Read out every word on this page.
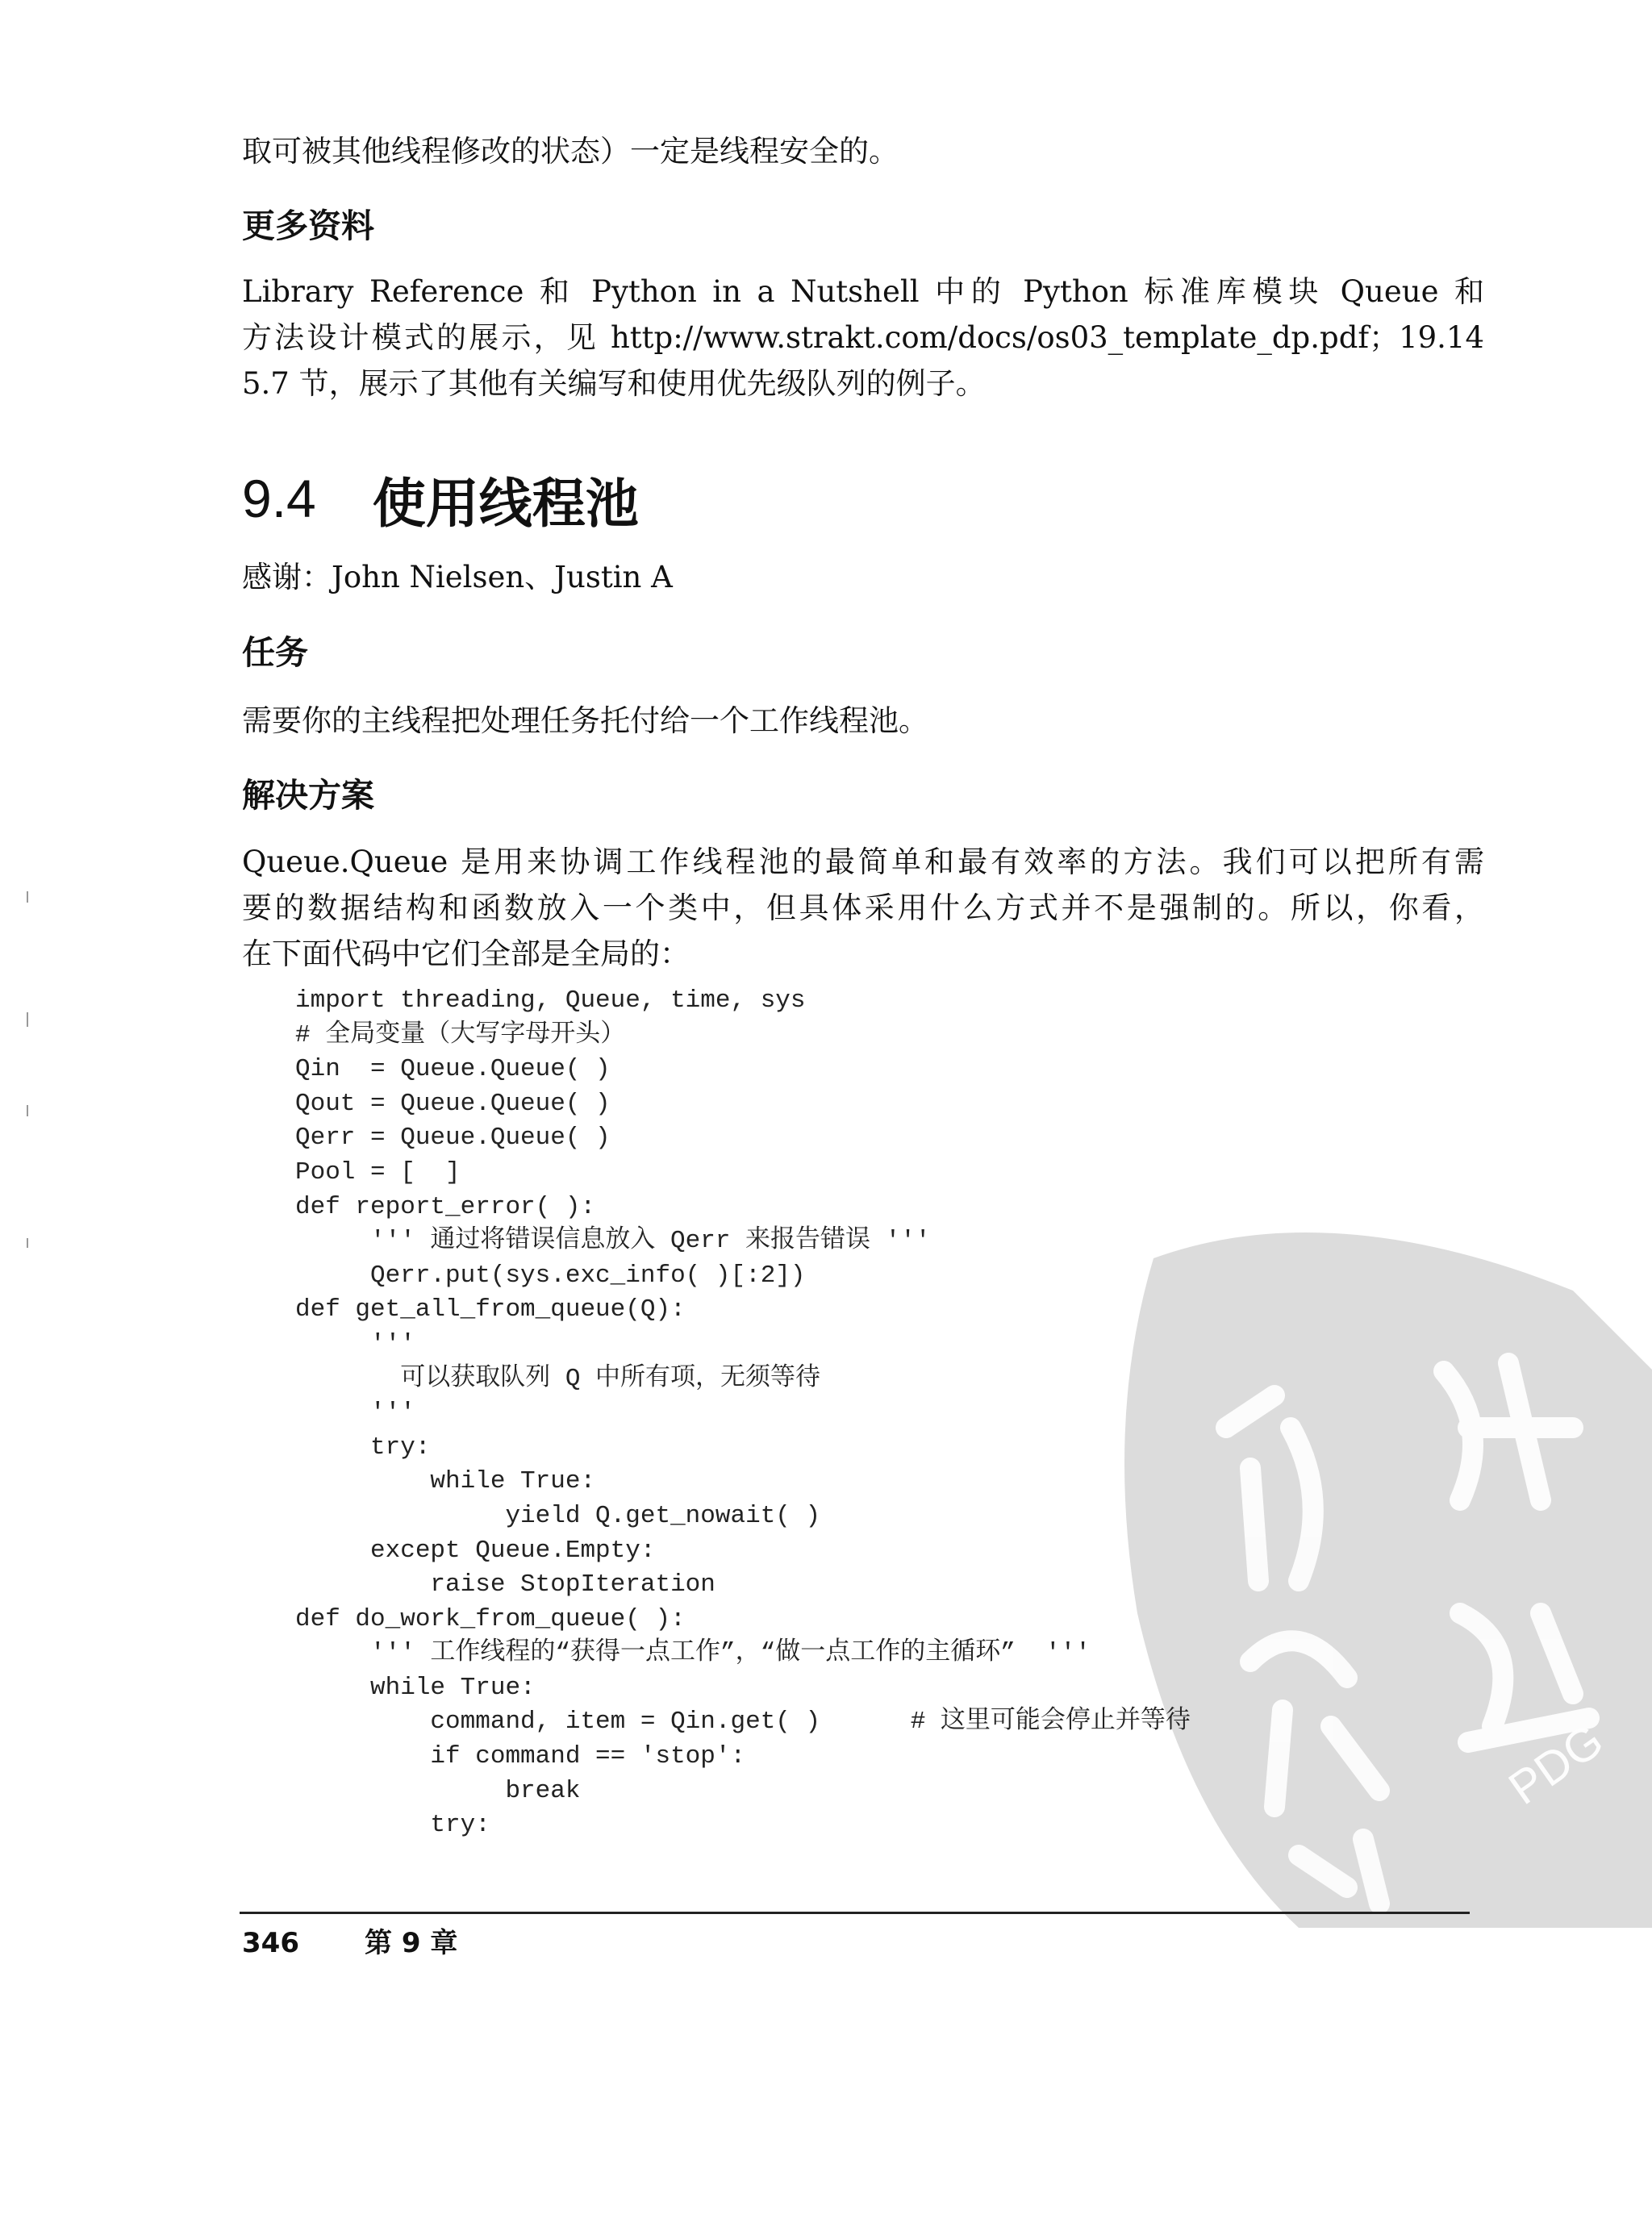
PDG
取可被其他线程修改的状态）一定是线程安全的。
更多资料
Library Reference 和 Python in a Nutshell 中的 Python 标准库模块 Queue 和
方法设计模式的展示，见 http://www.strakt.com/docs/os03_template_dp.pdf；19.14
5.7 节，展示了其他有关编写和使用优先级队列的例子。
9.4 使用线程池
感谢：John Nielsen、Justin A
任务
需要你的主线程把处理任务托付给一个工作线程池。
解决方案
Queue.Queue 是用来协调工作线程池的最简单和最有效率的方法。我们可以把所有需
要的数据结构和函数放入一个类中，但具体采用什么方式并不是强制的。所以，你看，
在下面代码中它们全部是全局的：
import threading, Queue, time, sys
# 全局变量（大写字母开头）
Qin  = Queue.Queue( )
Qout = Queue.Queue( )
Qerr = Queue.Queue( )
Pool = [  ]
def report_error( ):
''' 通过将错误信息放入 Qerr 来报告错误 '''
Qerr.put(sys.exc_info( )[:2])
def get_all_from_queue(Q):
'''
可以获取队列 Q 中所有项，无须等待
'''
try:
while True:
yield Q.get_nowait( )
except Queue.Empty:
raise StopIteration
def do_work_from_queue( ):
''' 工作线程的“获得一点工作”，“做一点工作的主循环”  '''
while True:
command, item = Qin.get( )      # 这里可能会停止并等待
if command == 'stop':
break
try:
346 第 9 章
